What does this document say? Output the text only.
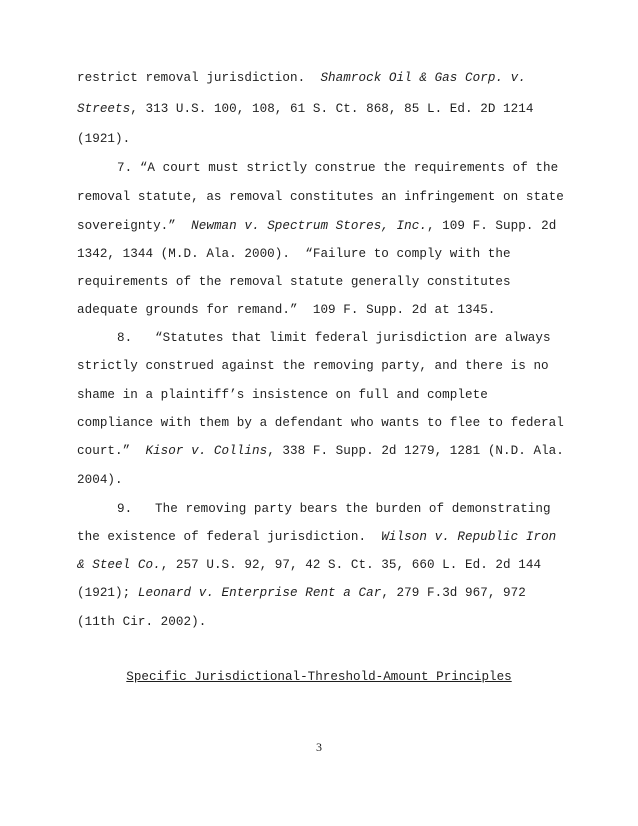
restrict removal jurisdiction.  Shamrock Oil & Gas Corp. v.
Streets, 313 U.S. 100, 108, 61 S. Ct. 868, 85 L. Ed. 2D 1214
(1921).
7. “A court must strictly construe the requirements of the
removal statute, as removal constitutes an infringement on state
sovereignty.”  Newman v. Spectrum Stores, Inc., 109 F. Supp. 2d
1342, 1344 (M.D. Ala. 2000).  “Failure to comply with the
requirements of the removal statute generally constitutes
adequate grounds for remand.”  109 F. Supp. 2d at 1345.
8.   “Statutes that limit federal jurisdiction are always
strictly construed against the removing party, and there is no
shame in a plaintiff’s insistence on full and complete
compliance with them by a defendant who wants to flee to federal
court.”  Kisor v. Collins, 338 F. Supp. 2d 1279, 1281 (N.D. Ala.
2004).
9.   The removing party bears the burden of demonstrating
the existence of federal jurisdiction.  Wilson v. Republic Iron
& Steel Co., 257 U.S. 92, 97, 42 S. Ct. 35, 660 L. Ed. 2d 144
(1921); Leonard v. Enterprise Rent a Car, 279 F.3d 967, 972
(11th Cir. 2002).
Specific Jurisdictional-Threshold-Amount Principles
3
